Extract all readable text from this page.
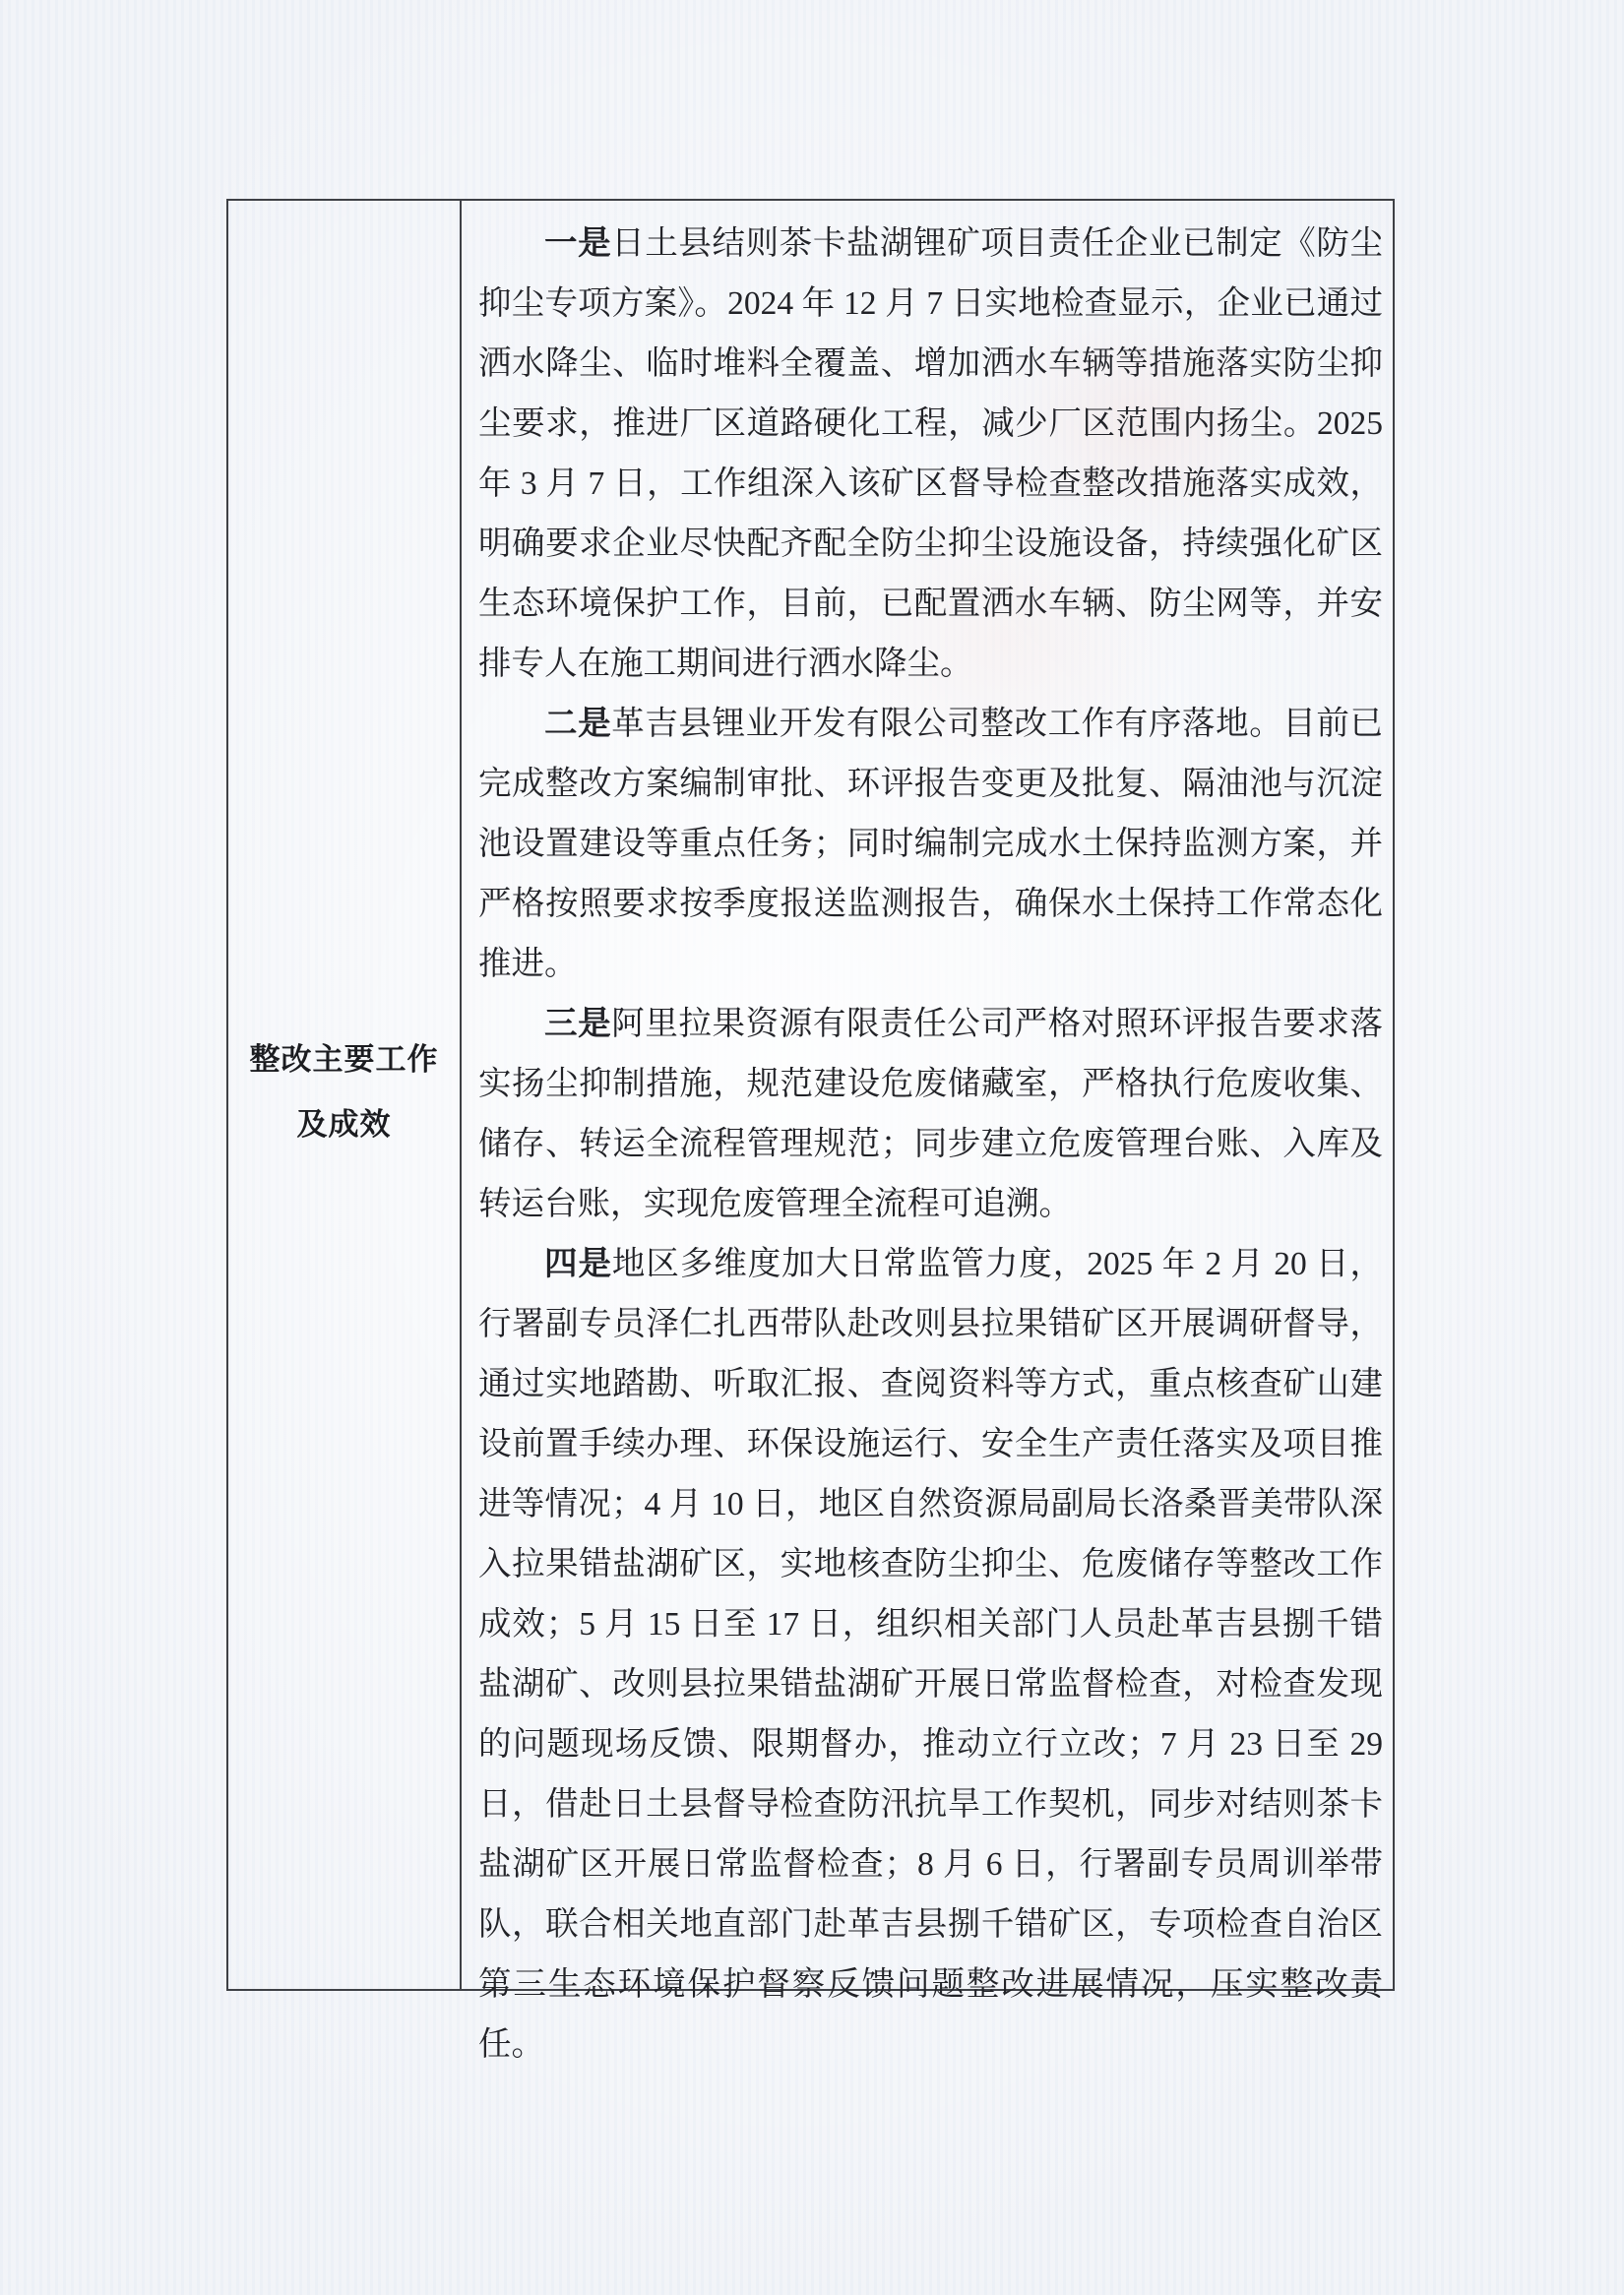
整改主要工作
及成效

一是日土县结则茶卡盐湖锂矿项目责任企业已制定《防尘抑尘专项方案》。2024 年 12 月 7 日实地检查显示，企业已通过洒水降尘、临时堆料全覆盖、增加洒水车辆等措施落实防尘抑尘要求，推进厂区道路硬化工程，减少厂区范围内扬尘。2025 年 3 月 7 日，工作组深入该矿区督导检查整改措施落实成效，明确要求企业尽快配齐配全防尘抑尘设施设备，持续强化矿区生态环境保护工作，目前，已配置洒水车辆、防尘网等，并安排专人在施工期间进行洒水降尘。

二是革吉县锂业开发有限公司整改工作有序落地。目前已完成整改方案编制审批、环评报告变更及批复、隔油池与沉淀池设置建设等重点任务；同时编制完成水土保持监测方案，并严格按照要求按季度报送监测报告，确保水土保持工作常态化推进。

三是阿里拉果资源有限责任公司严格对照环评报告要求落实扬尘抑制措施，规范建设危废储藏室，严格执行危废收集、储存、转运全流程管理规范；同步建立危废管理台账、入库及转运台账，实现危废管理全流程可追溯。

四是地区多维度加大日常监管力度，2025 年 2 月 20 日，行署副专员泽仁扎西带队赴改则县拉果错矿区开展调研督导，通过实地踏勘、听取汇报、查阅资料等方式，重点核查矿山建设前置手续办理、环保设施运行、安全生产责任落实及项目推进等情况；4 月 10 日，地区自然资源局副局长洛桑晋美带队深入拉果错盐湖矿区，实地核查防尘抑尘、危废储存等整改工作成效；5 月 15 日至 17 日，组织相关部门人员赴革吉县捌千错盐湖矿、改则县拉果错盐湖矿开展日常监督检查，对检查发现的问题现场反馈、限期督办，推动立行立改；7 月 23 日至 29 日，借赴日土县督导检查防汛抗旱工作契机，同步对结则茶卡盐湖矿区开展日常监督检查；8 月 6 日，行署副专员周训举带队，联合相关地直部门赴革吉县捌千错矿区，专项检查自治区第三生态环境保护督察反馈问题整改进展情况，压实整改责任。
